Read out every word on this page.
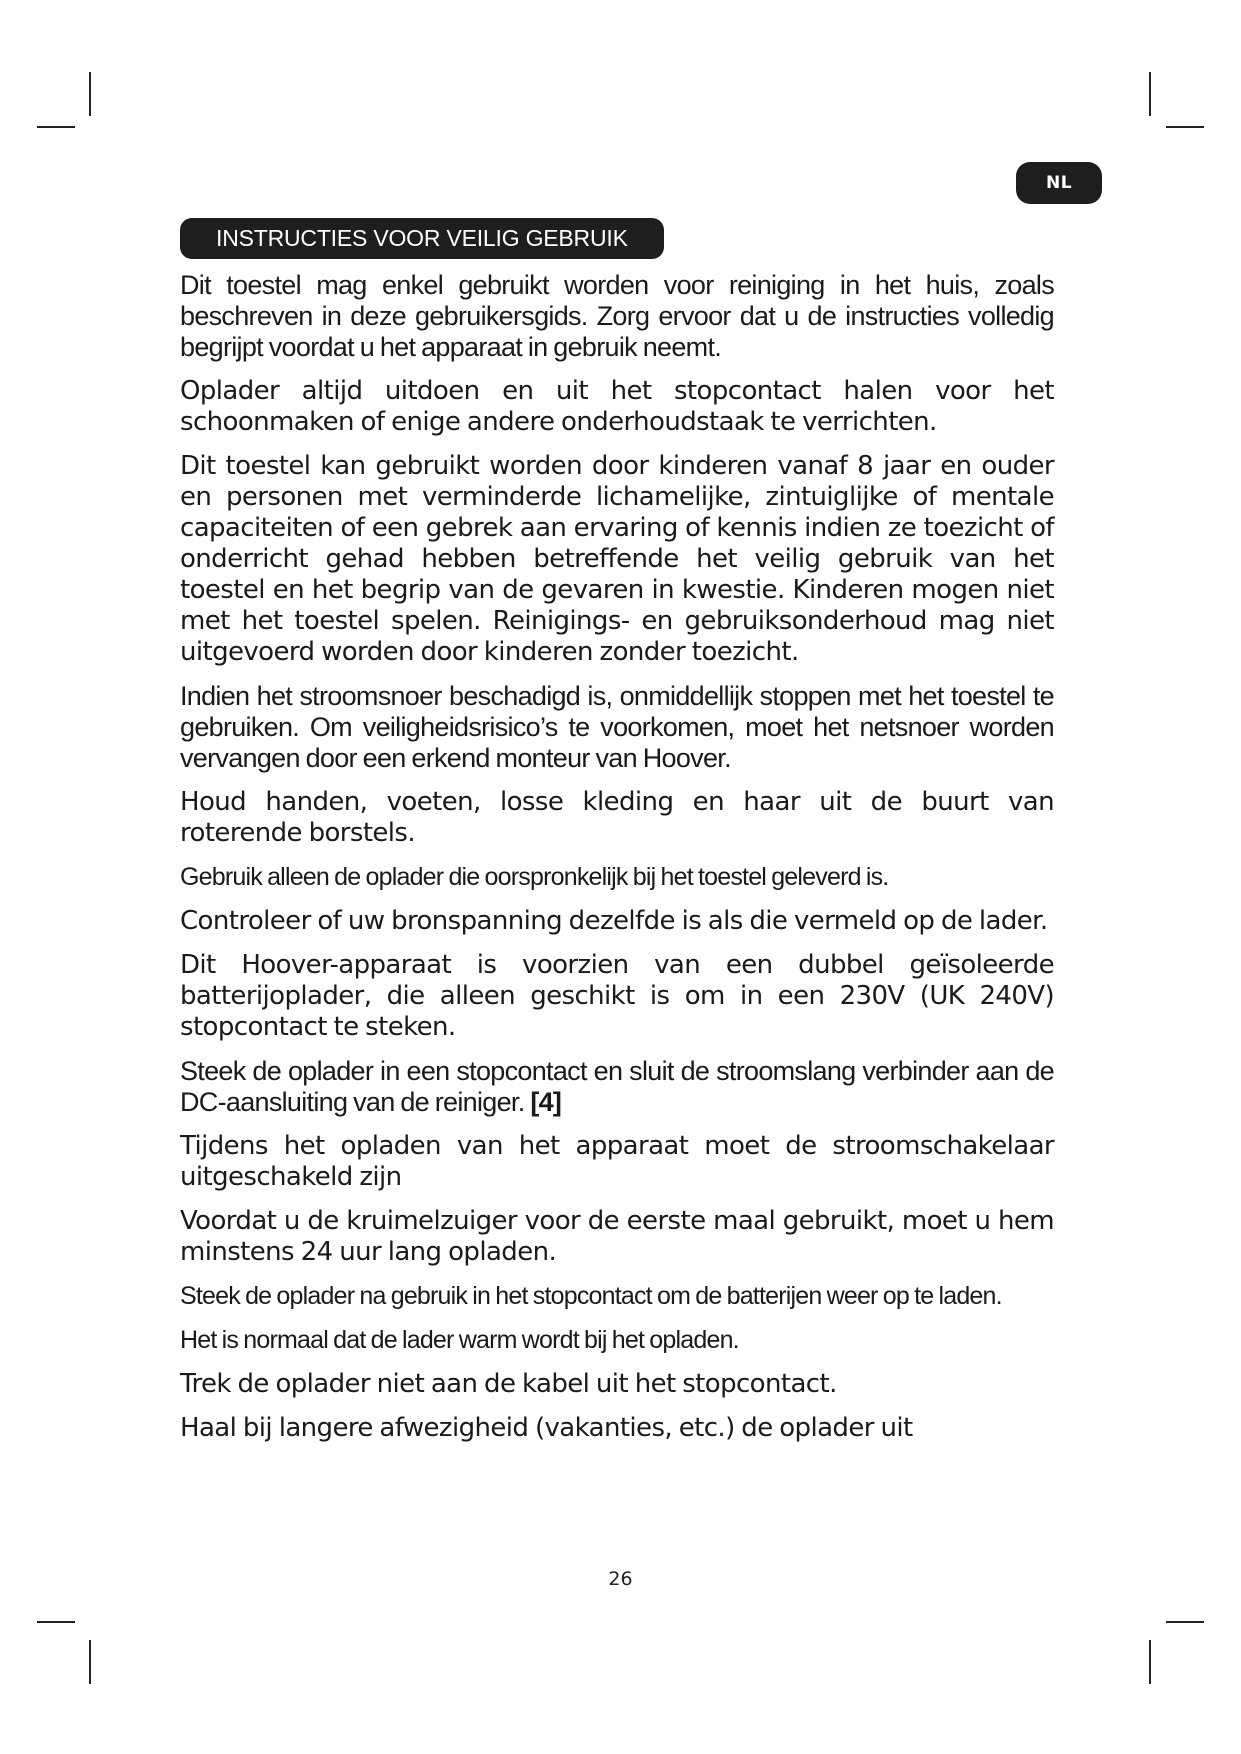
NL
INSTRUCTIES VOOR VEILIG GEBRUIK

Dit toestel mag enkel gebruikt worden voor reiniging in het huis, zoals beschreven in deze gebruikersgids. Zorg ervoor dat u de instructies volledig begrijpt voordat u het apparaat in gebruik neemt.

Oplader altijd uitdoen en uit het stopcontact halen voor het schoonmaken of enige andere onderhoudstaak te verrichten.

Dit toestel kan gebruikt worden door kinderen vanaf 8 jaar en ouder en personen met verminderde lichamelijke, zintuiglijke of mentale capaciteiten of een gebrek aan ervaring of kennis indien ze toezicht of onderricht gehad hebben betreffende het veilig gebruik van het toestel en het begrip van de gevaren in kwestie. Kinderen mogen niet met het toestel spelen. Reinigings- en gebruiksonderhoud mag niet uitgevoerd worden door kinderen zonder toezicht.

Indien het stroomsnoer beschadigd is, onmiddellijk stoppen met het toestel te gebruiken. Om veiligheidsrisico’s te voorkomen, moet het netsnoer worden vervangen door een erkend monteur van Hoover.

Houd handen, voeten, losse kleding en haar uit de buurt van roterende borstels.

Gebruik alleen de oplader die oorspronkelijk bij het toestel geleverd is.

Controleer of uw bronspanning dezelfde is als die vermeld op de lader.

Dit Hoover-apparaat is voorzien van een dubbel geïsoleerde batterijoplader, die alleen geschikt is om in een 230V (UK 240V) stopcontact te steken.

Steek de oplader in een stopcontact en sluit de stroomslang verbinder aan de DC-aansluiting van de reiniger. [4]

Tijdens het opladen van het apparaat moet de stroomschakelaar uitgeschakeld zijn

Voordat u de kruimelzuiger voor de eerste maal gebruikt, moet u hem minstens 24 uur lang opladen.

Steek de oplader na gebruik in het stopcontact om de batterijen weer op te laden.

Het is normaal dat de lader warm wordt bij het opladen.

Trek de oplader niet aan de kabel uit het stopcontact.

Haal bij langere afwezigheid (vakanties, etc.) de oplader uit

26
